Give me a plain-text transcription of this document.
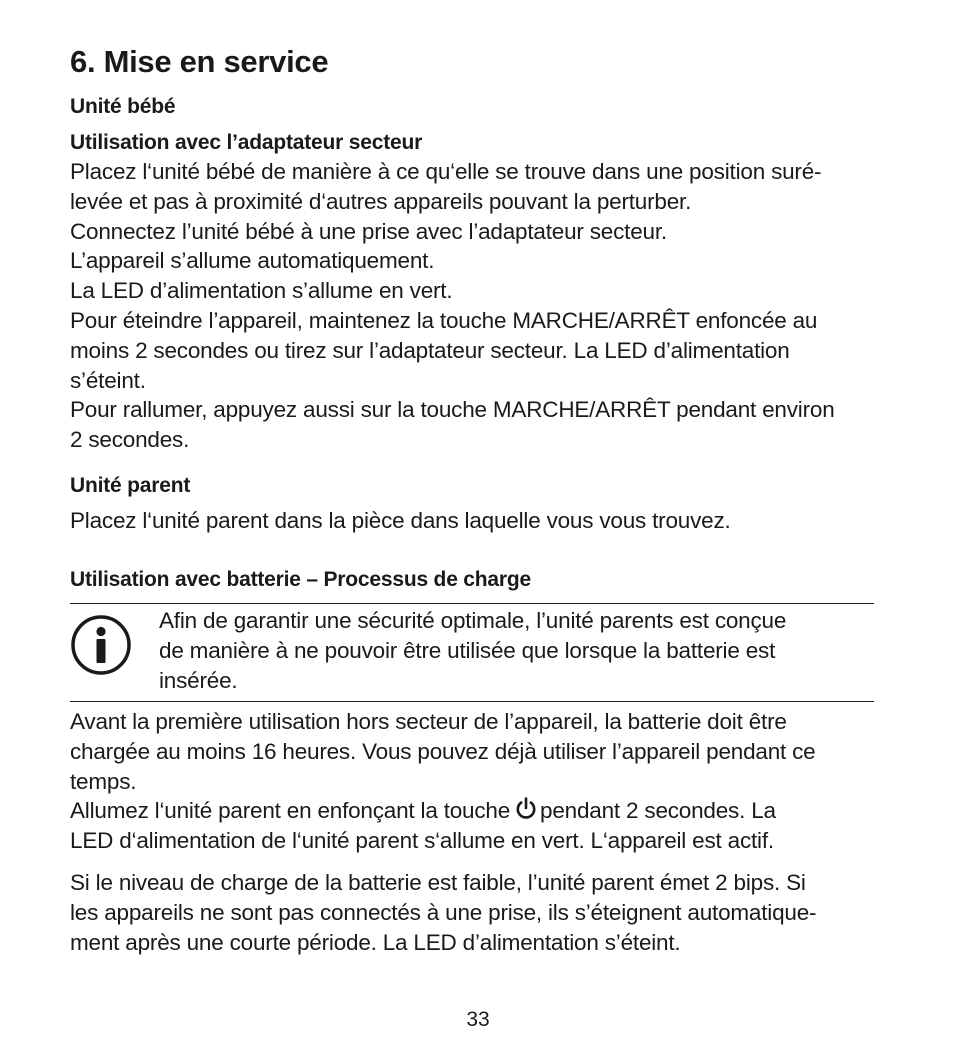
6. Mise en service
Unité bébé
Utilisation avec l’adaptateur secteur
Placez l‘unité bébé de manière à ce qu‘elle se trouve dans une position suré-
levée et pas à proximité d‘autres appareils pouvant la perturber.
Connectez l’unité bébé à une prise avec l’adaptateur secteur.
L’appareil s’allume automatiquement.
La LED d’alimentation s’allume en vert.
Pour éteindre l’appareil, maintenez la touche MARCHE/ARRÊT enfoncée au
moins 2 secondes ou tirez sur l’adaptateur secteur. La LED d’alimentation
s’éteint.
Pour rallumer, appuyez aussi sur la touche MARCHE/ARRÊT pendant environ
2 secondes.
Unité parent
Placez l‘unité parent dans la pièce dans laquelle vous vous trouvez.
Utilisation avec batterie – Processus de charge
Afin de garantir une sécurité optimale, l’unité parents est conçue
de manière à ne pouvoir être utilisée que lorsque la batterie est
insérée.
Avant la première utilisation hors secteur de l’appareil, la batterie doit être
chargée au moins 16 heures. Vous pouvez déjà utiliser l’appareil pendant ce
temps.
Allumez l‘unité parent en enfonçant la touche pendant 2 secondes. La
LED d‘alimentation de l‘unité parent s‘allume en vert. L‘appareil est actif.
Si le niveau de charge de la batterie est faible, l’unité parent émet 2 bips. Si
les appareils ne sont pas connectés à une prise, ils s’éteignent automatique-
ment après une courte période. La LED d’alimentation s’éteint.
33
